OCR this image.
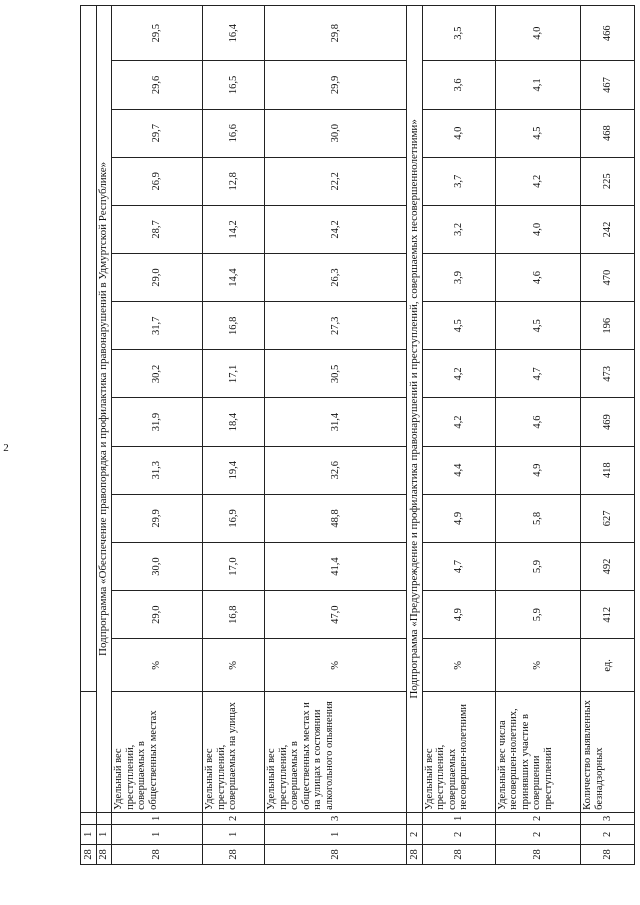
2
28	1																
28	1		Подпрограмма «Обеспечение правопорядка и профилактика правонарушений в Удмуртской Республике»														
28	1	1	Удельный вес преступлений, совершаемых в общественных местах	%	29,0	30,0	29,9	31,3	31,9	30,2	31,7	29,0	28,7	26,9	29,7	29,6	29,5
28	1	2	Удельный вес преступлений, совершаемых на улицах	%	16,8	17,0	16,9	19,4	18,4	17,1	16,8	14,4	14,2	12,8	16,6	16,5	16,4
28	1	3	Удельный вес преступлений, совершаемых в общественных местах и на улицах в состоянии алкогольного опьянения	%	47,0	41,4	48,8	32,6	31,4	30,5	27,3	26,3	24,2	22,2	30,0	29,9	29,8
28	2		Подпрограмма «Предупреждение и профилактика правонарушений и преступлений, совершаемых несовершеннолетними»														
28	2	1	Удельный вес преступлений, совершаемых несовершен-нолетними	%	4,9	4,7	4,9	4,4	4,2	4,2	4,5	3,9	3,2	3,7	4,0	3,6	3,5
28	2	2	Удельный вес числа несовершен-нолетних, принявших участие в совершении преступлений	%	5,9	5,9	5,8	4,9	4,6	4,7	4,5	4,6	4,0	4,2	4,5	4,1	4,0
28	2	3	Количество выявленных безнадзорных	ед.	412	492	627	418	469	473	196	470	242	225	468	467	466
